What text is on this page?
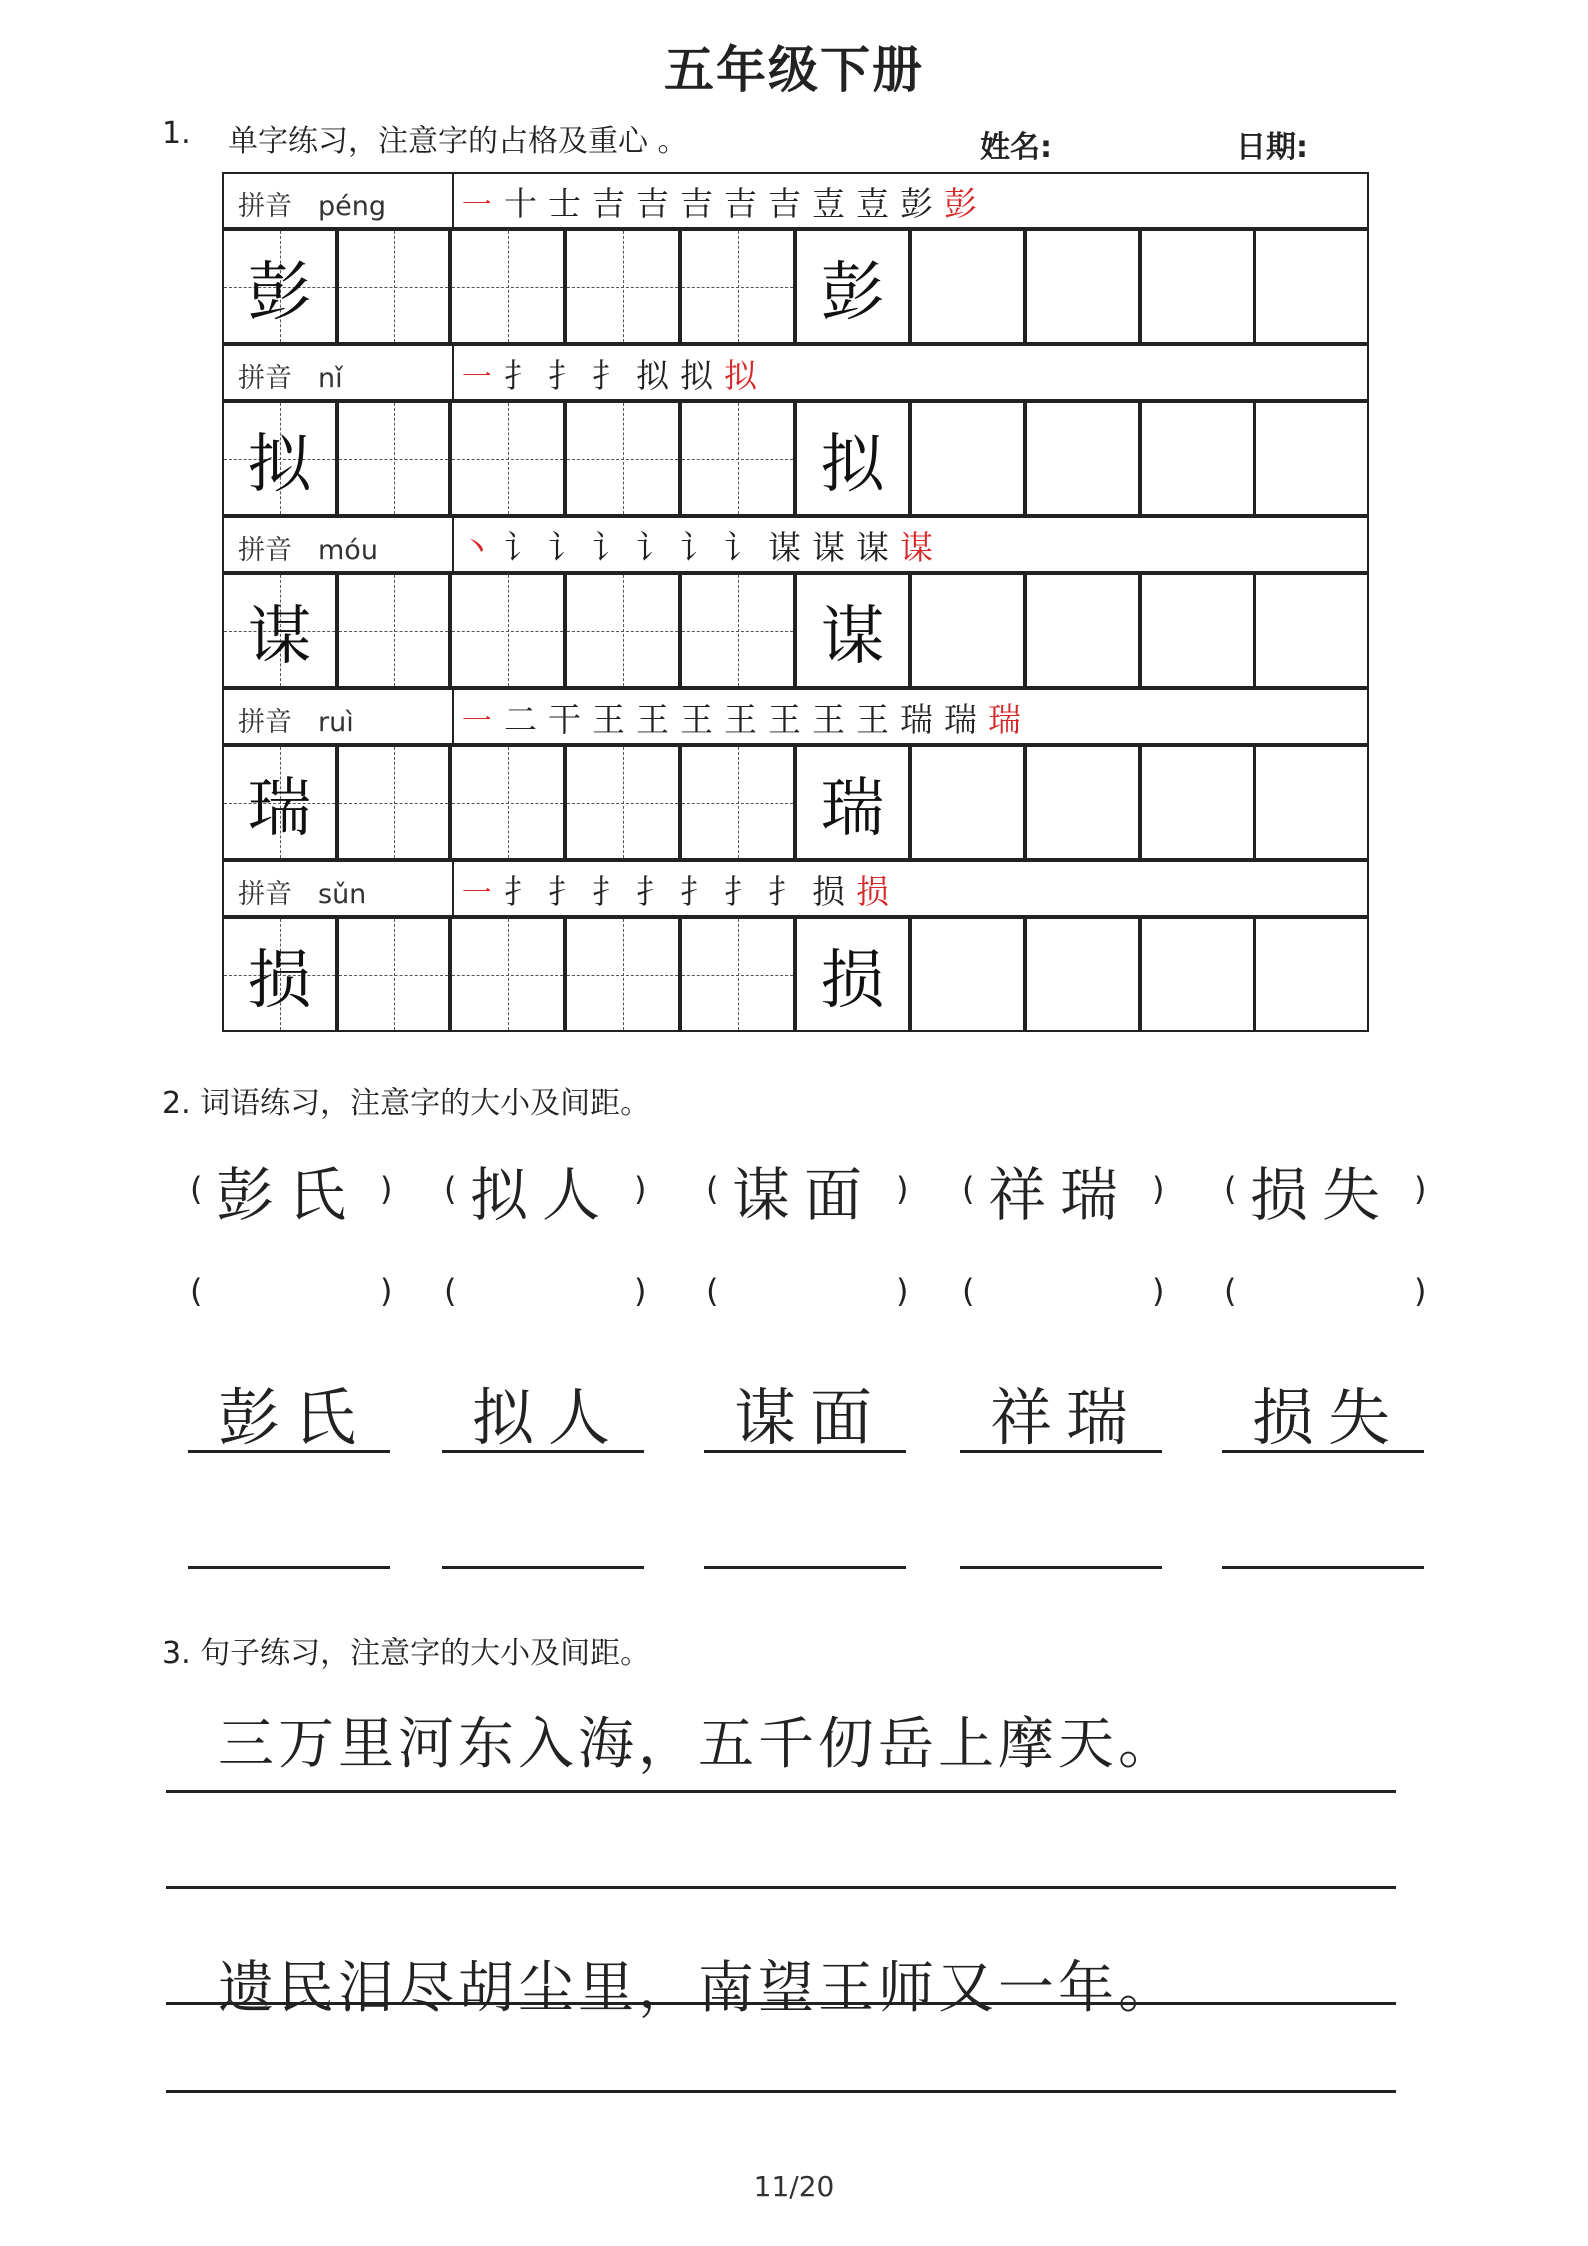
五年级下册
1. 单字练习，注意字的占格及重心 。	姓名:	日期:
拼音 péng ㇐ 十 士 吉 吉 吉 吉 吉 壴 壴 彭 彭
彭	彭
拼音 nǐ	㇐ 扌 扌 扌 拟 拟 拟
拟	拟
拼音 móu 丶 讠 讠 讠 讠 讠 讠 谋 谋 谋 谋
谋	谋
拼音 ruì	㇐ 二 干 王 王 王 王 王 王 王 瑞 瑞 瑞
瑞	瑞
拼音 sǔn	㇐ 扌 扌 扌 扌 扌 扌 扌 损 损
损	损
2. 词语练习，注意字的大小及间距。
( 彭氏 )
(	)
彭氏
( 拟人 )
(	)
拟人
( 谋面 )
(	)
谋面
( 祥瑞 )
(	)
祥瑞
( 损失 )
(	)
损失
3. 句子练习，注意字的大小及间距。
三万里河东入海，五千仞岳上摩天。
遗民泪尽胡尘里，南望王师又一年。
11/20
